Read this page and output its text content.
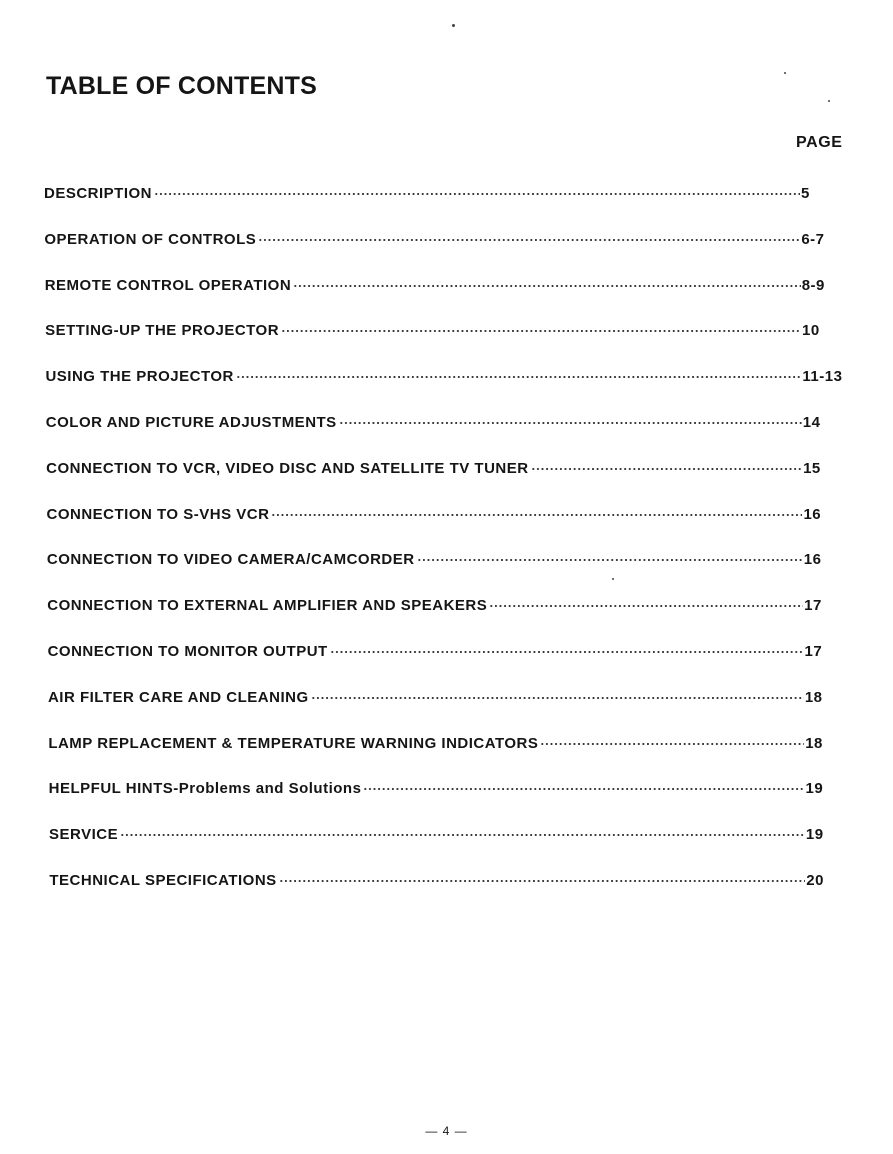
TABLE OF CONTENTS
PAGE
DESCRIPTION	5
OPERATION OF CONTROLS	6-7
REMOTE CONTROL OPERATION	8-9
SETTING-UP THE PROJECTOR	10
USING THE PROJECTOR	11-13
COLOR AND PICTURE ADJUSTMENTS	14
CONNECTION TO VCR, VIDEO DISC AND SATELLITE TV TUNER	15
CONNECTION TO S-VHS VCR	16
CONNECTION TO VIDEO CAMERA/CAMCORDER	16
CONNECTION TO EXTERNAL AMPLIFIER AND SPEAKERS	17
CONNECTION TO MONITOR OUTPUT	17
AIR FILTER CARE AND CLEANING	18
LAMP REPLACEMENT & TEMPERATURE WARNING INDICATORS	18
HELPFUL HINTS-Problems and Solutions	19
SERVICE	19
TECHNICAL SPECIFICATIONS	20
— 4 —
